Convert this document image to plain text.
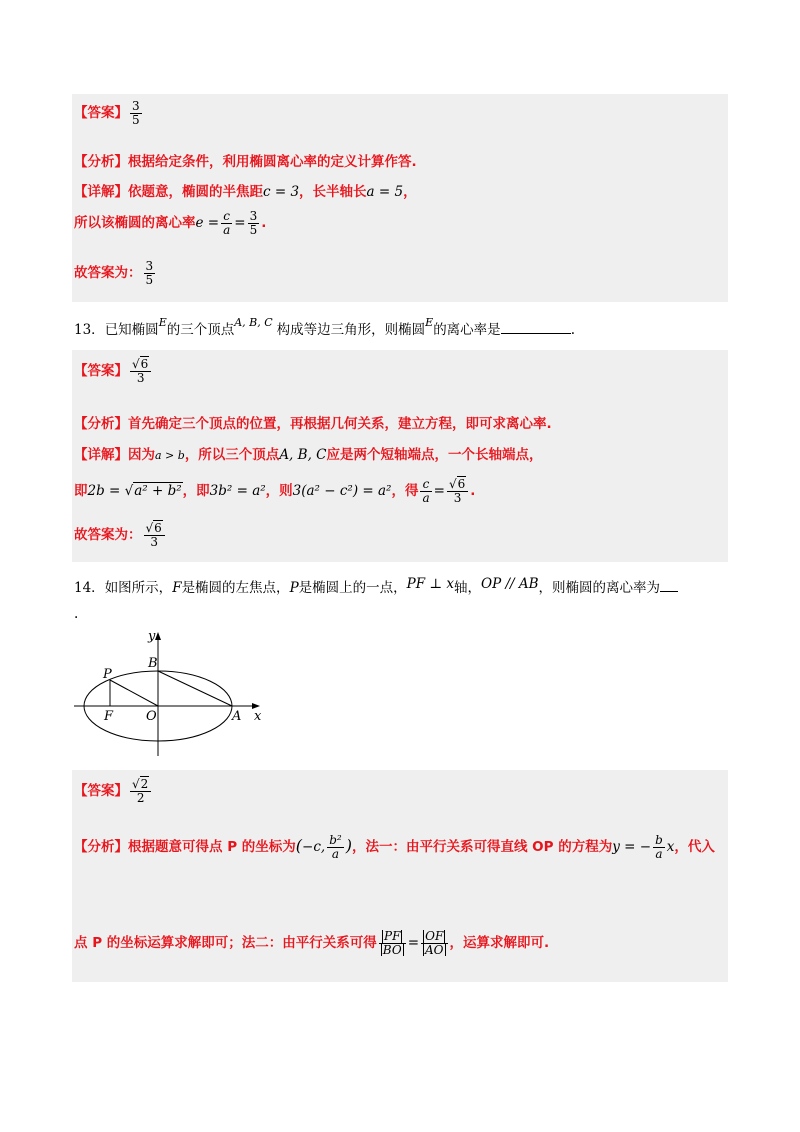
【答案】 $\frac{3}{5}$
【分析】根据给定条件，利用椭圆离心率的定义计算作答.
【详解】依题意，椭圆的半焦距c = 3，长半轴长a = 5，
所以该椭圆的离心率$e = \frac{c}{a} = \frac{3}{5}$ .
故答案为： $\frac{3}{5}$
13．已知椭圆$^E$的三个顶点$^{A, B, C}$ 构成等边三角形，则椭圆$^E$的离心率是	.
【答案】 $\frac{√6}{3}$
【分析】首先确定三个顶点的位置，再根据几何关系，建立方程，即可求离心率.
【详解】因为a > b，所以三个顶点A, B, C应是两个短轴端点，一个长轴端点，
即2b = √a² + b²，即3b² = a²，则3(a² − c²) = a²，得 $\frac{c}{a} = \frac{√6}{3}$ .
故答案为： $\frac{√6}{3}$
14．如图所示，F是椭圆的左焦点，P是椭圆上的一点，PF ⊥ x轴，OP // AB，则椭圆的离心率为
.
y
x
P
B
F	O	A
【答案】 $\frac{√2}{2}$
【分析】根据题意可得点 P 的坐标为(−c, $\frac{\text{b²}}{a}$ )，法一：由平行关系可得直线 OP 的方程为y = − $\frac{b}{a}$ x，代入
点 P 的坐标运算求解即可；法二：由平行关系可得 $\frac{PF}{BO} = \frac{OF}{AO}$ ，运算求解即可.
